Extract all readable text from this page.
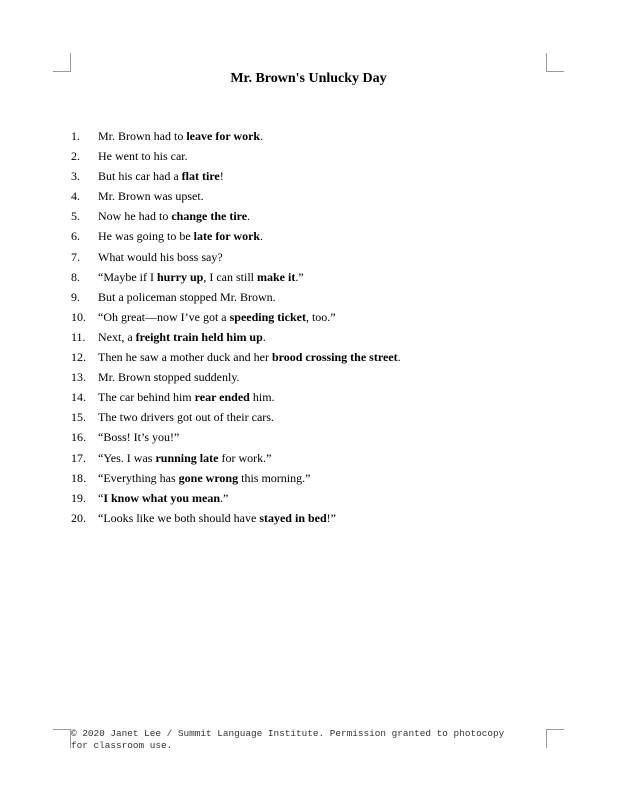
Mr. Brown's Unlucky Day
1.	Mr. Brown had to leave for work.
2.	He went to his car.
3.	But his car had a flat tire!
4.	Mr. Brown was upset.
5.	Now he had to change the tire.
6.	He was going to be late for work.
7.	What would his boss say?
8.	“Maybe if I hurry up, I can still make it.”
9.	But a policeman stopped Mr. Brown.
10.	“Oh great—now I’ve got a speeding ticket, too.”
11.	Next, a freight train held him up.
12.	Then he saw a mother duck and her brood crossing the street.
13.	Mr. Brown stopped suddenly.
14.	The car behind him rear ended him.
15.	The two drivers got out of their cars.
16.	“Boss! It’s you!”
17.	“Yes. I was running late for work.”
18.	“Everything has gone wrong this morning.”
19.	“I know what you mean.”
20.	“Looks like we both should have stayed in bed!”
© 2020 Janet Lee / Summit Language Institute. Permission granted to photocopy
for classroom use.
